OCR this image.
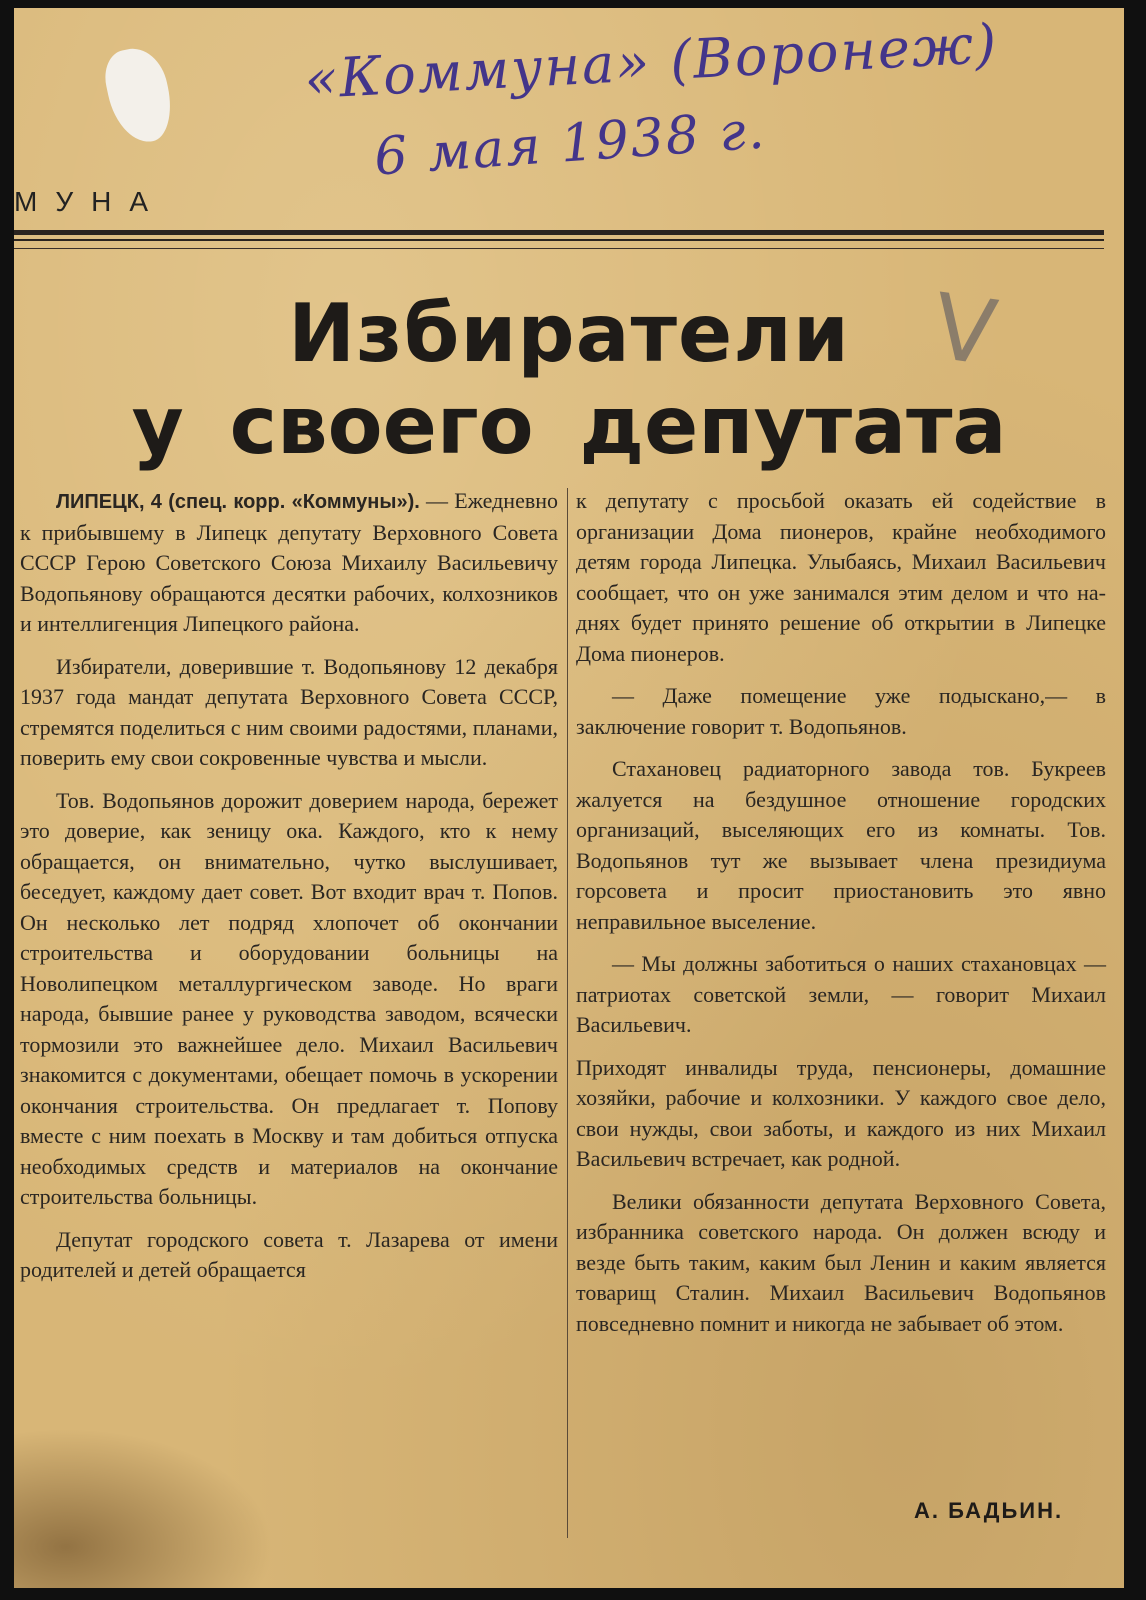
«Коммуна» (Воронеж)
6 мая 1938 г.
МУНА
Избиратели
у своего депутата
V

ЛИПЕЦК, 4 (спец. корр. «Коммуны»). — Ежедневно к прибывшему в Липецк депутату Верховного Совета СССР Герою Советского Союза Михаилу Васильевичу Водопьянову обращаются десятки рабочих, колхозников и интеллигенция Липецкого района.

Избиратели, доверившие т. Водопьянову 12 декабря 1937 года мандат депутата Верховного Совета СССР, стремятся поделиться с ним своими радостями, планами, поверить ему свои сокровенные чувства и мысли.

Тов. Водопьянов дорожит доверием народа, бережет это доверие, как зеницу ока. Каждого, кто к нему обращается, он внимательно, чутко выслушивает, беседует, каждому дает совет. Вот входит врач т. Попов. Он несколько лет подряд хлопочет об окончании строительства и оборудовании больницы на Новолипецком металлургическом заводе. Но враги народа, бывшие ранее у руководства заводом, всячески тормозили это важнейшее дело. Михаил Васильевич знакомится с документами, обещает помочь в ускорении окончания строительства. Он предлагает т. Попову вместе с ним поехать в Москву и там добиться отпуска необходимых средств и материалов на окончание строительства больницы.

Депутат городского совета т. Лазарева от имени родителей и детей обращается

к депутату с просьбой оказать ей содействие в организации Дома пионеров, крайне необходимого детям города Липецка. Улыбаясь, Михаил Васильевич сообщает, что он уже занимался этим делом и что на-днях будет принято решение об открытии в Липецке Дома пионеров.

— Даже помещение уже подыскано,— в заключение говорит т. Водопьянов.

Стахановец радиаторного завода тов. Букреев жалуется на бездушное отношение городских организаций, выселяющих его из комнаты. Тов. Водопьянов тут же вызывает члена президиума горсовета и просит приостановить это явно неправильное выселение.

— Мы должны заботиться о наших стахановцах — патриотах советской земли, — говорит Михаил Васильевич.

Приходят инвалиды труда, пенсионеры, домашние хозяйки, рабочие и колхозники. У каждого свое дело, свои нужды, свои заботы, и каждого из них Михаил Васильевич встречает, как родной.

Велики обязанности депутата Верховного Совета, избранника советского народа. Он должен всюду и везде быть таким, каким был Ленин и каким является товарищ Сталин. Михаил Васильевич Водопьянов повседневно помнит и никогда не забывает об этом.

А. БАДЬИН.
